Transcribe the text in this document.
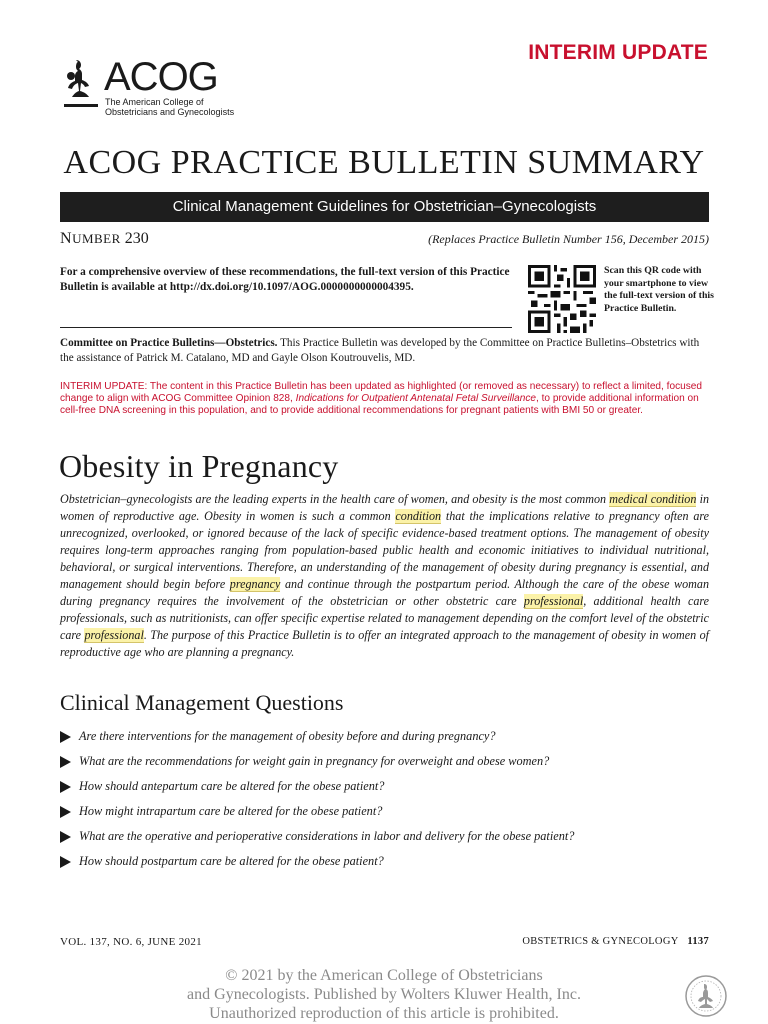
INTERIM UPDATE
ACOG
The American College of
Obstetricians and Gynecologists
ACOG PRACTICE BULLETIN SUMMARY
Clinical Management Guidelines for Obstetrician–Gynecologists
NUMBER 230	(Replaces Practice Bulletin Number 156, December 2015)
For a comprehensive overview of these recommendations, the full-text version of this Practice Bulletin is available at http://dx.doi.org/10.1097/AOG.0000000000004395.
Scan this QR code with your smartphone to view the full-text version of this Practice Bulletin.
Committee on Practice Bulletins—Obstetrics. This Practice Bulletin was developed by the Committee on Practice Bulletins–Obstetrics with the assistance of Patrick M. Catalano, MD and Gayle Olson Koutrouvelis, MD.
INTERIM UPDATE: The content in this Practice Bulletin has been updated as highlighted (or removed as necessary) to reflect a limited, focused change to align with ACOG Committee Opinion 828, Indications for Outpatient Antenatal Fetal Surveillance, to provide additional information on cell-free DNA screening in this population, and to provide additional recommendations for pregnant patients with BMI 50 or greater.
Obesity in Pregnancy
Obstetrician–gynecologists are the leading experts in the health care of women, and obesity is the most common medical condition in women of reproductive age. Obesity in women is such a common condition that the implications relative to pregnancy often are unrecognized, overlooked, or ignored because of the lack of specific evidence-based treatment options. The management of obesity requires long-term approaches ranging from population-based public health and economic initiatives to individual nutritional, behavioral, or surgical interventions. Therefore, an understanding of the management of obesity during pregnancy is essential, and management should begin before pregnancy and continue through the postpartum period. Although the care of the obese woman during pregnancy requires the involvement of the obstetrician or other obstetric care professional, additional health care professionals, such as nutritionists, can offer specific expertise related to management depending on the comfort level of the obstetric care professional. The purpose of this Practice Bulletin is to offer an integrated approach to the management of obesity in women of reproductive age who are planning a pregnancy.
Clinical Management Questions
Are there interventions for the management of obesity before and during pregnancy?
What are the recommendations for weight gain in pregnancy for overweight and obese women?
How should antepartum care be altered for the obese patient?
How might intrapartum care be altered for the obese patient?
What are the operative and perioperative considerations in labor and delivery for the obese patient?
How should postpartum care be altered for the obese patient?
VOL. 137, NO. 6, JUNE 2021	OBSTETRICS & GYNECOLOGY 1137
© 2021 by the American College of Obstetricians
and Gynecologists. Published by Wolters Kluwer Health, Inc.
Unauthorized reproduction of this article is prohibited.
